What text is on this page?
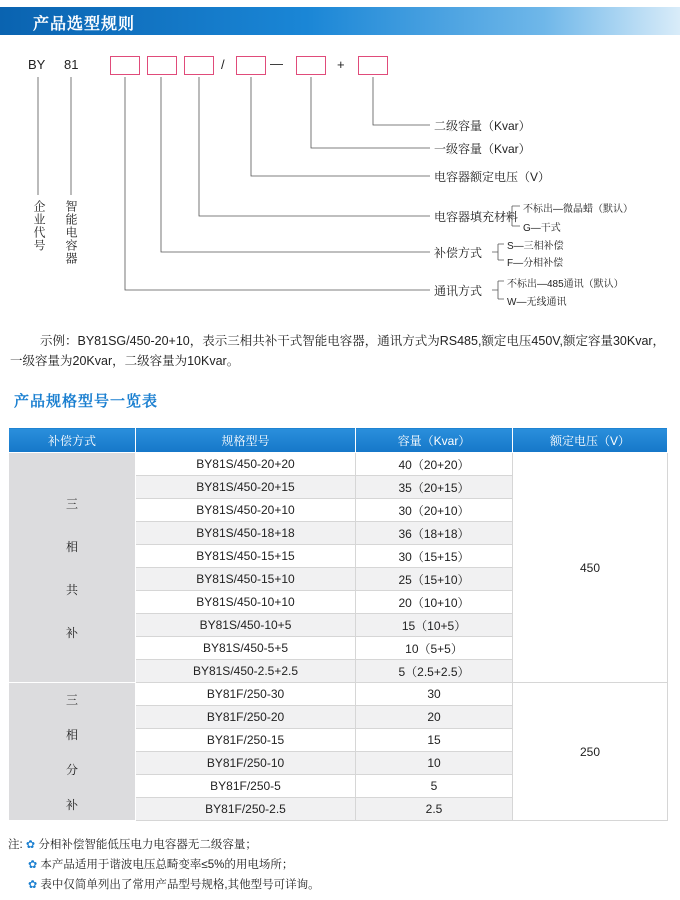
产品选型规则
BY 81	/	—	+
企业代号 智能电容器
二级容量（Kvar）
一级容量（Kvar）
电容器额定电压（V）
电容器填充材料
不标出—微晶蜡（默认）
G—干式
补偿方式 S—三相补偿
F—分相补偿
通讯方式 不标出—485通讯（默认）
W—无线通讯
示例：BY81SG/450-20+10，表示三相共补干式智能电容器，通讯方式为RS485,额定电压450V,额定容量30Kvar，一级容量为20Kvar，二级容量为10Kvar。
产品规格型号一览表
补偿方式	规格型号	容量（Kvar）	额定电压（V）

三
相
共
补	BY81S/450-20+20	40（20+20）	450
	BY81S/450-20+15	35（20+15）	
	BY81S/450-20+10	30（20+10）	
	BY81S/450-18+18	36（18+18）	
	BY81S/450-15+15	30（15+15）	
	BY81S/450-15+10	25（15+10）	
	BY81S/450-10+10	20（10+10）	
	BY81S/450-10+5	15（10+5）	
	BY81S/450-5+5	10（5+5）	
	BY81S/450-2.5+2.5	5（2.5+2.5）	

三
相
分
补	BY81F/250-30	30	250
	BY81F/250-20	20	
	BY81F/250-15	15	
	BY81F/250-10	10	
	BY81F/250-5	5	
	BY81F/250-2.5	2.5	
注: ✿ 分相补偿智能低压电力电容器无二级容量；
✿ 本产品适用于谐波电压总畸变率≤5%的用电场所；
✿ 表中仅简单列出了常用产品型号规格,其他型号可详询。
